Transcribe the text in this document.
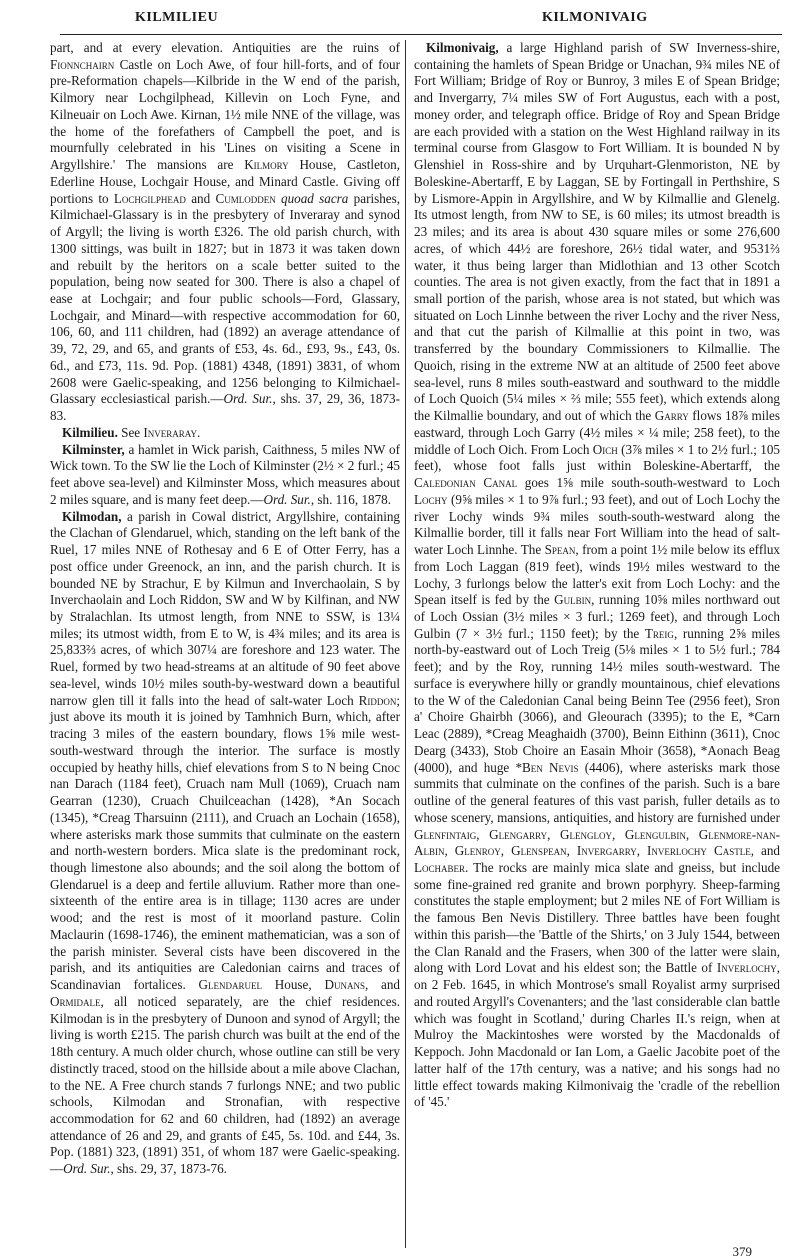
KILMILIEU	KILMONIVAIG

part, and at every elevation. Antiquities are the ruins of Fionnchairn Castle on Loch Awe, of four hill-forts, and of four pre-Reformation chapels—Kilbride in the W end of the parish, Kilmory near Lochgilphead, Killevin on Loch Fyne, and Kilneuair on Loch Awe. Kirnan, 1½ mile NNE of the village, was the home of the forefathers of Campbell the poet, and is mournfully celebrated in his 'Lines on visiting a Scene in Argyllshire.' The mansions are Kilmory House, Castleton, Ederline House, Lochgair House, and Minard Castle. Giving off portions to Lochgilphead and Cumlodden quoad sacra parishes, Kilmichael-Glassary is in the presbytery of Inveraray and synod of Argyll; the living is worth £326. The old parish church, with 1300 sittings, was built in 1827; but in 1873 it was taken down and rebuilt by the heritors on a scale better suited to the population, being now seated for 300. There is also a chapel of ease at Lochgair; and four public schools—Ford, Glassary, Lochgair, and Minard—with respective accommodation for 60, 106, 60, and 111 children, had (1892) an average attendance of 39, 72, 29, and 65, and grants of £53, 4s. 6d., £93, 9s., £43, 0s. 6d., and £73, 11s. 9d. Pop. (1881) 4348, (1891) 3831, of whom 2608 were Gaelic-speaking, and 1256 belonging to Kilmichael-Glassary ecclesiastical parish.—Ord. Sur., shs. 37, 29, 36, 1873-83.

Kilmilieu. See Inveraray.

Kilminster, a hamlet in Wick parish, Caithness, 5 miles NW of Wick town. To the SW lie the Loch of Kilminster (2½ × 2 furl.; 45 feet above sea-level) and Kilminster Moss, which measures about 2 miles square, and is many feet deep.—Ord. Sur., sh. 116, 1878.

Kilmodan, a parish in Cowal district, Argyllshire, containing the Clachan of Glendaruel, which, standing on the left bank of the Ruel, 17 miles NNE of Rothesay and 6 E of Otter Ferry, has a post office under Greenock, an inn, and the parish church. It is bounded NE by Strachur, E by Kilmun and Inverchaolain, S by Inverchaolain and Loch Riddon, SW and W by Kilfinan, and NW by Stralachlan. Its utmost length, from NNE to SSW, is 13¼ miles; its utmost width, from E to W, is 4¾ miles; and its area is 25,833⅔ acres, of which 307¼ are foreshore and 123 water. The Ruel, formed by two head-streams at an altitude of 90 feet above sea-level, winds 10½ miles south-by-westward down a beautiful narrow glen till it falls into the head of salt-water Loch Riddon; just above its mouth it is joined by Tamhnich Burn, which, after tracing 3 miles of the eastern boundary, flows 1⅝ mile west-south-westward through the interior. The surface is mostly occupied by heathy hills, chief elevations from S to N being Cnoc nan Darach (1184 feet), Cruach nam Mull (1069), Cruach nam Gearran (1230), Cruach Chuilceachan (1428), *An Socach (1345), *Creag Tharsuinn (2111), and Cruach an Lochain (1658), where asterisks mark those summits that culminate on the eastern and north-western borders. Mica slate is the predominant rock, though limestone also abounds; and the soil along the bottom of Glendaruel is a deep and fertile alluvium. Rather more than one-sixteenth of the entire area is in tillage; 1130 acres are under wood; and the rest is most of it moorland pasture. Colin Maclaurin (1698-1746), the eminent mathematician, was a son of the parish minister. Several cists have been discovered in the parish, and its antiquities are Caledonian cairns and traces of Scandinavian fortalices. Glendaruel House, Dunans, and Ormidale, all noticed separately, are the chief residences. Kilmodan is in the presbytery of Dunoon and synod of Argyll; the living is worth £215. The parish church was built at the end of the 18th century. A much older church, whose outline can still be very distinctly traced, stood on the hillside about a mile above Clachan, to the NE. A Free church stands 7 furlongs NNE; and two public schools, Kilmodan and Stronafian, with respective accommodation for 62 and 60 children, had (1892) an average attendance of 26 and 29, and grants of £45, 5s. 10d. and £44, 3s. Pop. (1881) 323, (1891) 351, of whom 187 were Gaelic-speaking.—Ord. Sur., shs. 29, 37, 1873-76.

Kilmonivaig, a large Highland parish of SW Inverness-shire, containing the hamlets of Spean Bridge or Unachan, 9¾ miles NE of Fort William; Bridge of Roy or Bunroy, 3 miles E of Spean Bridge; and Invergarry, 7¼ miles SW of Fort Augustus, each with a post, money order, and telegraph office. Bridge of Roy and Spean Bridge are each provided with a station on the West Highland railway in its terminal course from Glasgow to Fort William. It is bounded N by Glenshiel in Ross-shire and by Urquhart-Glenmoriston, NE by Boleskine-Abertarff, E by Laggan, SE by Fortingall in Perthshire, S by Lismore-Appin in Argyllshire, and W by Kilmallie and Glenelg. Its utmost length, from NW to SE, is 60 miles; its utmost breadth is 23 miles; and its area is about 430 square miles or some 276,600 acres, of which 44½ are foreshore, 26½ tidal water, and 9531⅔ water, it thus being larger than Midlothian and 13 other Scotch counties. The area is not given exactly, from the fact that in 1891 a small portion of the parish, whose area is not stated, but which was situated on Loch Linnhe between the river Lochy and the river Ness, and that cut the parish of Kilmallie at this point in two, was transferred by the boundary Commissioners to Kilmallie. The Quoich, rising in the extreme NW at an altitude of 2500 feet above sea-level, runs 8 miles south-eastward and southward to the middle of Loch Quoich (5¼ miles × ⅔ mile; 555 feet), which extends along the Kilmallie boundary, and out of which the Garry flows 18⅞ miles eastward, through Loch Garry (4½ miles × ¼ mile; 258 feet), to the middle of Loch Oich. From Loch Oich (3⅞ miles × 1 to 2½ furl.; 105 feet), whose foot falls just within Boleskine-Abertarff, the Caledonian Canal goes 1⅝ mile south-south-westward to Loch Lochy (9⅝ miles × 1 to 9⅞ furl.; 93 feet), and out of Loch Lochy the river Lochy winds 9¾ miles south-south-westward along the Kilmallie border, till it falls near Fort William into the head of salt-water Loch Linnhe. The Spean, from a point 1½ mile below its efflux from Loch Laggan (819 feet), winds 19½ miles westward to the Lochy, 3 furlongs below the latter's exit from Loch Lochy: and the Spean itself is fed by the Gulbin, running 10⅝ miles northward out of Loch Ossian (3½ miles × 3 furl.; 1269 feet), and through Loch Gulbin (7 × 3½ furl.; 1150 feet); by the Treig, running 2⅝ miles north-by-eastward out of Loch Treig (5⅛ miles × 1 to 5½ furl.; 784 feet); and by the Roy, running 14½ miles south-westward. The surface is everywhere hilly or grandly mountainous, chief elevations to the W of the Caledonian Canal being Beinn Tee (2956 feet), Sron a' Choire Ghairbh (3066), and Gleourach (3395); to the E, *Carn Leac (2889), *Creag Meaghaidh (3700), Beinn Eithinn (3611), Cnoc Dearg (3433), Stob Choire an Easain Mhoir (3658), *Aonach Beag (4000), and huge *Ben Nevis (4406), where asterisks mark those summits that culminate on the confines of the parish. Such is a bare outline of the general features of this vast parish, fuller details as to whose scenery, mansions, antiquities, and history are furnished under Glenfintaig, Glengarry, Glengloy, Glengulbin, Glenmore-nan-Albin, Glenroy, Glenspean, Invergarry, Inverlochy Castle, and Lochaber. The rocks are mainly mica slate and gneiss, but include some fine-grained red granite and brown porphyry. Sheep-farming constitutes the staple employment; but 2 miles NE of Fort William is the famous Ben Nevis Distillery. Three battles have been fought within this parish—the 'Battle of the Shirts,' on 3 July 1544, between the Clan Ranald and the Frasers, when 300 of the latter were slain, along with Lord Lovat and his eldest son; the Battle of Inverlochy, on 2 Feb. 1645, in which Montrose's small Royalist army surprised and routed Argyll's Covenanters; and the 'last considerable clan battle which was fought in Scotland,' during Charles II.'s reign, when at Mulroy the Mackintoshes were worsted by the Macdonalds of Keppoch. John Macdonald or Ian Lom, a Gaelic Jacobite poet of the latter half of the 17th century, was a native; and his songs had no little effect towards making Kilmonivaig the 'cradle of the rebellion of '45.'

379
